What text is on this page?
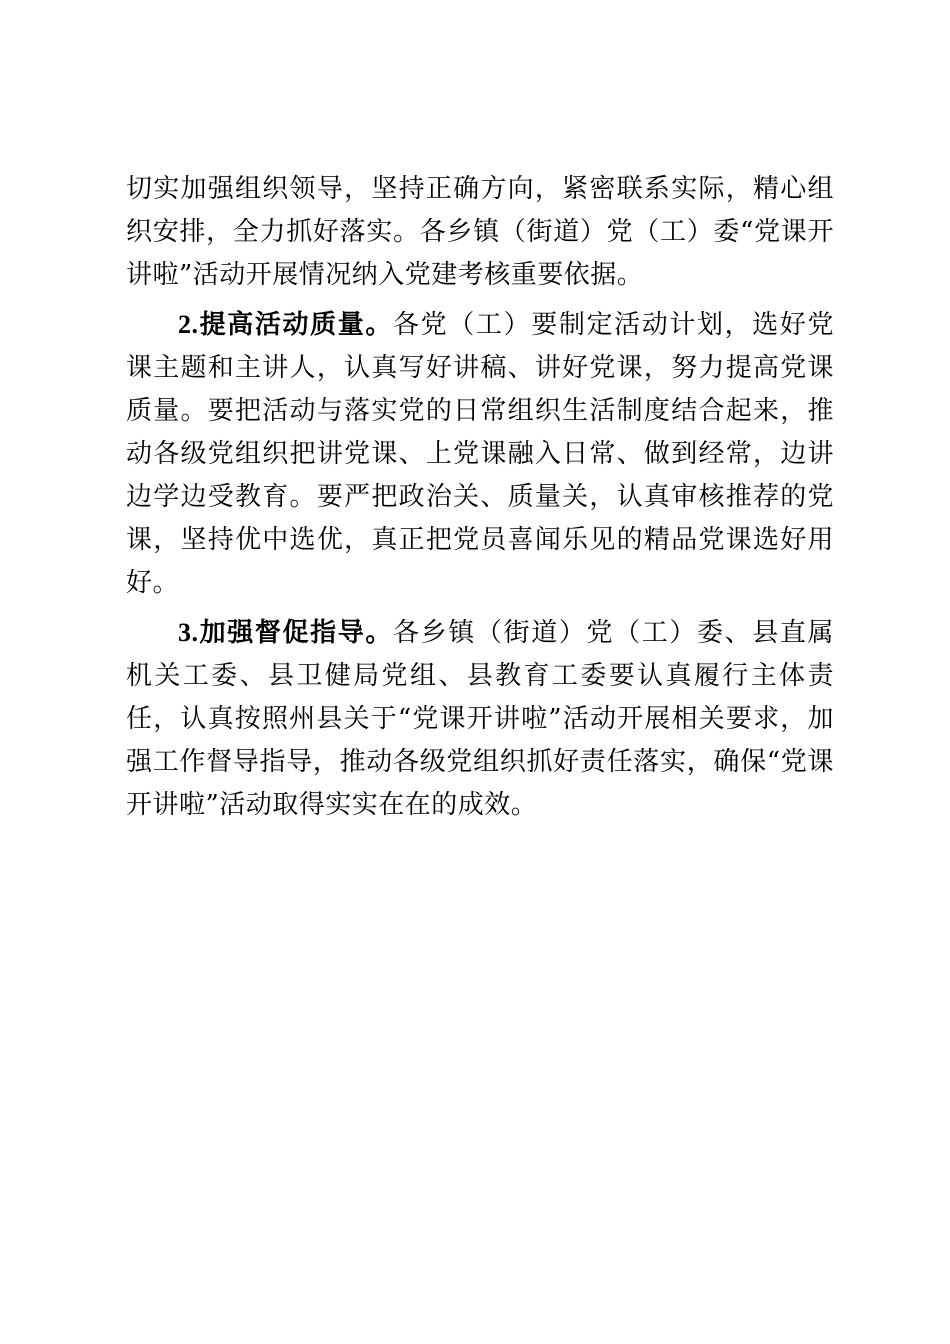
切实加强组织领导，坚持正确方向，紧密联系实际，精心组织安排，全力抓好落实。各乡镇（街道）党（工）委“党课开讲啦”活动开展情况纳入党建考核重要依据。

2.提高活动质量。各党（工）要制定活动计划，选好党课主题和主讲人，认真写好讲稿、讲好党课，努力提高党课质量。要把活动与落实党的日常组织生活制度结合起来，推动各级党组织把讲党课、上党课融入日常、做到经常，边讲边学边受教育。要严把政治关、质量关，认真审核推荐的党课，坚持优中选优，真正把党员喜闻乐见的精品党课选好用好。

3.加强督促指导。各乡镇（街道）党（工）委、县直属机关工委、县卫健局党组、县教育工委要认真履行主体责任，认真按照州县关于“党课开讲啦”活动开展相关要求，加强工作督导指导，推动各级党组织抓好责任落实，确保“党课开讲啦”活动取得实实在在的成效。
